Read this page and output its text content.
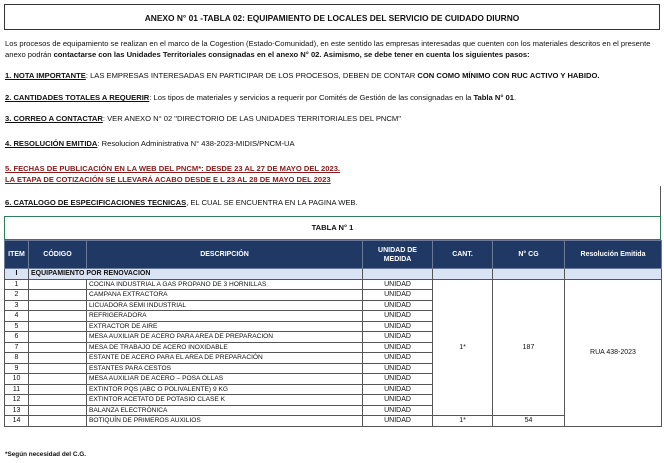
ANEXO N° 01 -TABLA 02: EQUIPAMIENTO DE LOCALES DEL SERVICIO DE CUIDADO DIURNO
Los procesos de equipamiento se realizan en el marco de la Cogestion (Estado-Comunidad), en este sentido las empresas interesadas que cuenten con los materiales descritos en el presente anexo podrán contactarse con las Unidades Territoriales consignadas en el anexo N° 02. Asimismo, se debe tener en cuenta los siguientes pasos:
1. NOTA IMPORTANTE: LAS EMPRESAS INTERESADAS EN PARTICIPAR DE LOS PROCESOS, DEBEN DE CONTAR CON COMO MÍNIMO CON RUC ACTIVO Y HABIDO.
2. CANTIDADES TOTALES A REQUERIR: Los tipos de materiales y servicios a requerir por Comités de Gestión de las consignadas en la Tabla N° 01.
3. CORREO A CONTACTAR: VER ANEXO N° 02 "DIRECTORIO DE LAS UNIDADES TERRITORIALES DEL PNCM"
4. RESOLUCIÓN EMITIDA: Resolucion Administrativa N° 438-2023-MIDIS/PNCM-UA
5. FECHAS DE PUBLICACIÓN EN LA WEB DEL PNCM*: DESDE 23 AL 27 DE MAYO DEL 2023.
LA ETAPA DE COTIZACIÓN SE LLEVARÁ ACABO DESDE E L 23 AL 28 DE MAYO DEL 2023
6. CATALOGO DE ESPECIFICACIONES TECNICAS, EL CUAL SE ENCUENTRA EN LA PAGINA WEB.
TABLA N° 1
ITEM	CÓDIGO	DESCRIPCIÓN	UNIDAD DE MEDIDA	CANT.	N° CG	Resolución Emitida
I	EQUIPAMIENTO POR RENOVACIÓN					
1		COCINA INDUSTRIAL A GAS PROPANO DE 3 HORNILLAS	UNIDAD	1*	187	RUA 438-2023
2		CAMPANA EXTRACTORA	UNIDAD			
3		LICUADORA SEMI INDUSTRIAL	UNIDAD			
4		REFRIGERADORA	UNIDAD			
5		EXTRACTOR DE AIRE	UNIDAD			
6		MESA AUXILIAR DE ACERO PARA AREA DE PREPARACION	UNIDAD			
7		MESA DE TRABAJO DE ACERO INOXIDABLE	UNIDAD			
8		ESTANTE DE ACERO PARA EL AREA DE PREPARACIÓN	UNIDAD			
9		ESTANTES PARA CESTOS	UNIDAD			
10		MESA AUXILIAR DE ACERO – POSA OLLAS	UNIDAD			
11		EXTINTOR PQS (ABC O POLIVALENTE) 9 KG	UNIDAD			
12		EXTINTOR ACETATO DE POTASIO CLASE K	UNIDAD			
13		BALANZA ELECTRÓNICA	UNIDAD			
14		BOTIQUÍN DE PRIMEROS AUXILIOS	UNIDAD	1*	54	
*Según necesidad del C.G.
